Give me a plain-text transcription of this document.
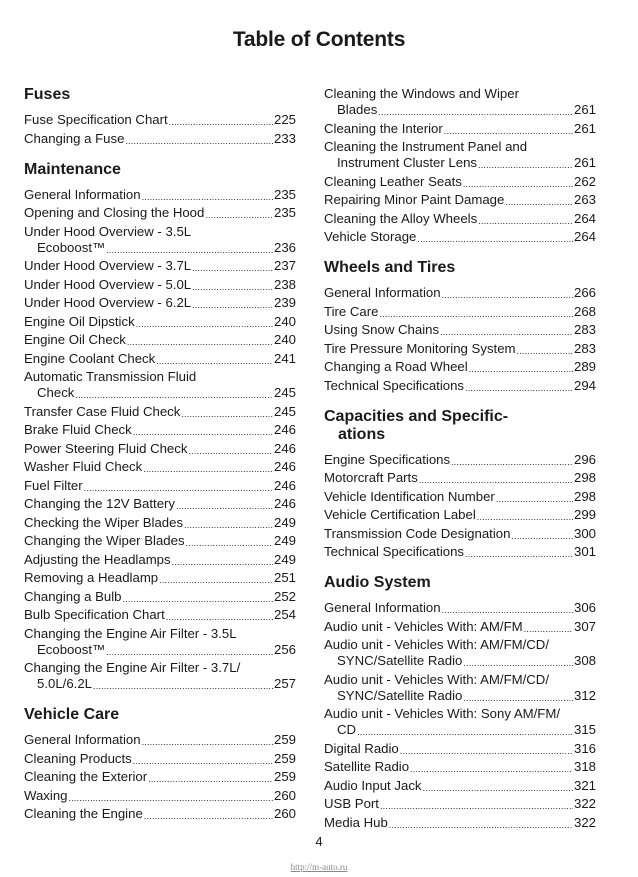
Table of Contents
Fuses
Fuse Specification Chart .....	225
Changing a Fuse .....	233
Maintenance
General Information .....	235
Opening and Closing the Hood .....	235
Under Hood Overview - 3.5L
Ecoboost™ .....	236
Under Hood Overview - 3.7L .....	237
Under Hood Overview - 5.0L .....	238
Under Hood Overview - 6.2L .....	239
Engine Oil Dipstick .....	240
Engine Oil Check .....	240
Engine Coolant Check .....	241
Automatic Transmission Fluid
Check .....	245
Transfer Case Fluid Check .....	245
Brake Fluid Check .....	246
Power Steering Fluid Check .....	246
Washer Fluid Check .....	246
Fuel Filter .....	246
Changing the 12V Battery .....	246
Checking the Wiper Blades .....	249
Changing the Wiper Blades .....	249
Adjusting the Headlamps .....	249
Removing a Headlamp .....	251
Changing a Bulb .....	252
Bulb Specification Chart .....	254
Changing the Engine Air Filter - 3.5L
Ecoboost™ .....	256
Changing the Engine Air Filter - 3.7L/
5.0L/6.2L .....	257
Vehicle Care
General Information .....	259
Cleaning Products .....	259
Cleaning the Exterior .....	259
Waxing .....	260
Cleaning the Engine .....	260
Cleaning the Windows and Wiper
Blades .....	261
Cleaning the Interior .....	261
Cleaning the Instrument Panel and
Instrument Cluster Lens .....	261
Cleaning Leather Seats .....	262
Repairing Minor Paint Damage .....	263
Cleaning the Alloy Wheels .....	264
Vehicle Storage .....	264
Wheels and Tires
General Information .....	266
Tire Care .....	268
Using Snow Chains .....	283
Tire Pressure Monitoring System .....	283
Changing a Road Wheel .....	289
Technical Specifications .....	294
Capacities and Specific-
ations
Engine Specifications .....	296
Motorcraft Parts .....	298
Vehicle Identification Number .....	298
Vehicle Certification Label .....	299
Transmission Code Designation .....	300
Technical Specifications .....	301
Audio System
General Information .....	306
Audio unit - Vehicles With: AM/FM .....	307
Audio unit - Vehicles With: AM/FM/CD/
SYNC/Satellite Radio .....	308
Audio unit - Vehicles With: AM/FM/CD/
SYNC/Satellite Radio .....	312
Audio unit - Vehicles With: Sony AM/FM/
CD .....	315
Digital Radio .....	316
Satellite Radio .....	318
Audio Input Jack .....	321
USB Port .....	322
Media Hub .....	322
4
http://m-auto.ru
